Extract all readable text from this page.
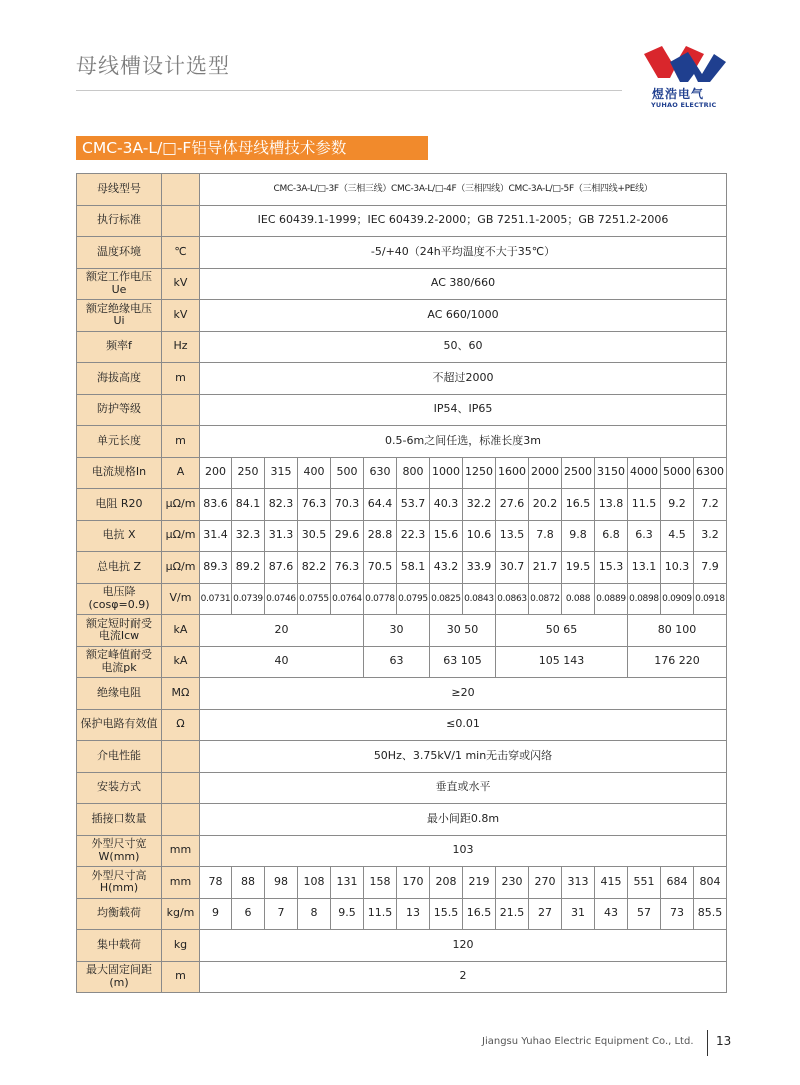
母线槽设计选型
煜浩电气
YUHAO ELECTRIC
CMC-3A-L/□-F铝导体母线槽技术参数
母线型号		CMC-3A-L/□-3F（三相三线）CMC-3A-L/□-4F（三相四线）CMC-3A-L/□-5F（三相四线+PE线）															
执行标准		IEC 60439.1-1999；IEC 60439.2-2000；GB 7251.1-2005；GB 7251.2-2006															
温度环境	℃	-5/+40（24h平均温度不大于35℃）															
额定工作电压
Ue	kV	AC 380/660															
额定绝缘电压
Ui	kV	AC 660/1000															
频率f	Hz	50、60															
海拔高度	m	不超过2000															
防护等级		IP54、IP65															
单元长度	m	0.5-6m之间任选，标准长度3m															
电流规格In	A	200	250	315	400	500	630	800	1000	1250	1600	2000	2500	3150	4000	5000	6300
电阻 R20	μΩ/m	83.6	84.1	82.3	76.3	70.3	64.4	53.7	40.3	32.2	27.6	20.2	16.5	13.8	11.5	9.2	7.2
电抗 X	μΩ/m	31.4	32.3	31.3	30.5	29.6	28.8	22.3	15.6	10.6	13.5	7.8	9.8	6.8	6.3	4.5	3.2
总电抗 Z	μΩ/m	89.3	89.2	87.6	82.2	76.3	70.5	58.1	43.2	33.9	30.7	21.7	19.5	15.3	13.1	10.3	7.9
电压降
(cosφ=0.9)	V/m	0.0731	0.0739	0.0746	0.0755	0.0764	0.0778	0.0795	0.0825	0.0843	0.0863	0.0872	0.088	0.0889	0.0898	0.0909	0.0918
额定短时耐受
电流Icw	kA	20					30		30 50		50 65				80 100		
额定峰值耐受
电流pk	kA	40					63		63 105		105 143				176 220		
绝缘电阻	MΩ	≥20															
保护电路有效值	Ω	≤0.01															
介电性能		50Hz、3.75kV/1 min无击穿或闪络															
安装方式		垂直或水平															
插接口数量		最小间距0.8m															
外型尺寸宽
W(mm)	mm	103															
外型尺寸高
H(mm)	mm	78	88	98	108	131	158	170	208	219	230	270	313	415	551	684	804
均衡载荷	kg/m	9	6	7	8	9.5	11.5	13	15.5	16.5	21.5	27	31	43	57	73	85.5
集中载荷	kg	120															
最大固定间距
(m)	m	2															
Jiangsu Yuhao Electric Equipment Co., Ltd. 13
